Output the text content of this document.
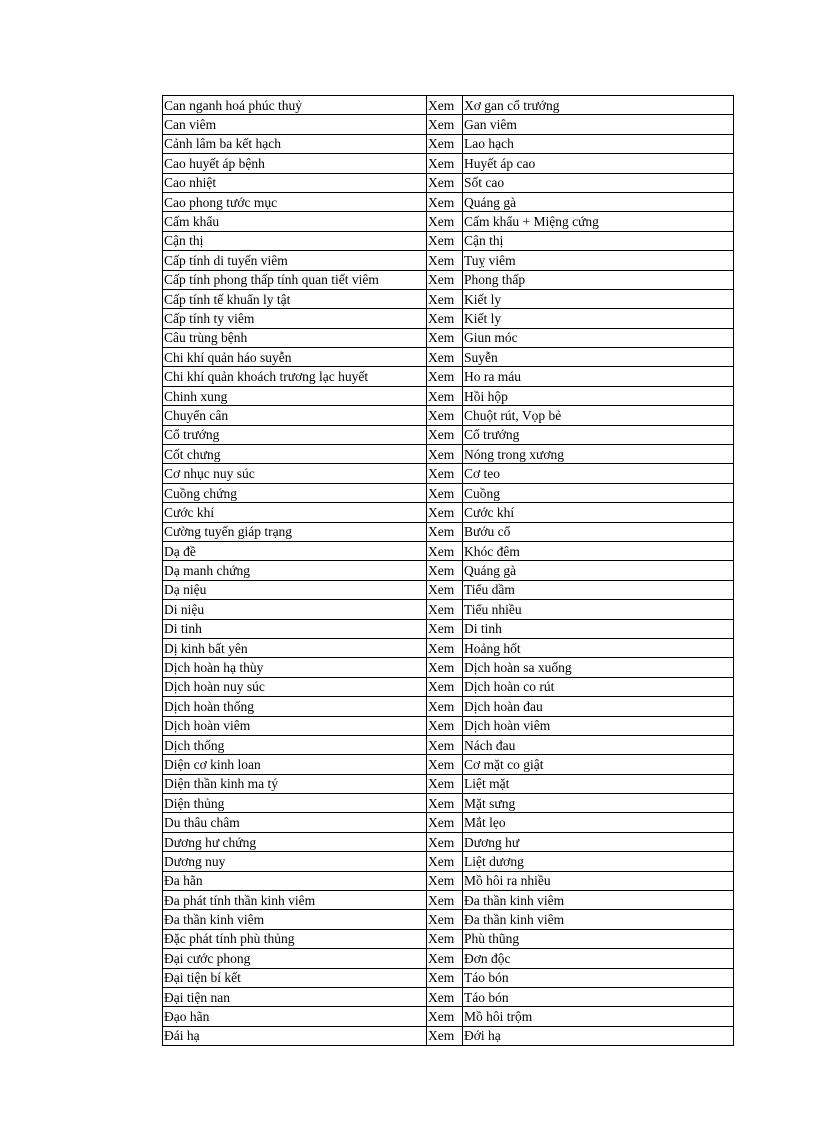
Can nganh hoá phúc thuỷ	Xem	Xơ gan cổ trướng
Can viêm	Xem	Gan viêm
Cảnh lâm ba kết hạch	Xem	Lao hạch
Cao huyết áp bệnh	Xem	Huyết áp cao
Cao nhiệt	Xem	Sốt cao
Cao phong tước mục	Xem	Quáng gà
Cấm khẩu	Xem	Cấm khẩu + Miệng cứng
Cận thị	Xem	Cận thị
Cấp tính di tuyến viêm	Xem	Tuỵ viêm
Cấp tính phong thấp tính quan tiết viêm	Xem	Phong thấp
Cấp tính tế khuẩn ly tật	Xem	Kiết ly
Cấp tính ty viêm	Xem	Kiết ly
Câu trùng bệnh	Xem	Giun móc
Chi khí quản háo suyễn	Xem	Suyễn
Chi khí quản khoách trương lạc huyết	Xem	Ho ra máu
Chinh xung	Xem	Hồi hộp
Chuyển cân	Xem	Chuột rút, Vọp bẻ
Cổ trướng	Xem	Cổ trướng
Cốt chưng	Xem	Nóng trong xương
Cơ nhục nuy súc	Xem	Cơ teo
Cuồng chứng	Xem	Cuồng
Cước khí	Xem	Cước khí
Cường tuyến giáp trạng	Xem	Bướu cổ
Dạ đề	Xem	Khóc đêm
Dạ manh chứng	Xem	Quáng gà
Dạ niệu	Xem	Tiểu dầm
Di niệu	Xem	Tiểu nhiều
Di tinh	Xem	Di tinh
Dị kinh bất yên	Xem	Hoảng hốt
Dịch hoàn hạ thùy	Xem	Dịch hoàn sa xuống
Dịch hoàn nuy súc	Xem	Dịch hoàn co rút
Dịch hoàn thống	Xem	Dịch hoàn đau
Dịch hoàn viêm	Xem	Dịch hoàn viêm
Dịch thống	Xem	Nách đau
Diện cơ kinh loan	Xem	Cơ mặt co giật
Diện thần kinh ma tý	Xem	Liệt mặt
Diện thủng	Xem	Mặt sưng
Du thâu châm	Xem	Mắt lẹo
Dương hư chứng	Xem	Dương hư
Dương nuy	Xem	Liệt dương
Đa hãn	Xem	Mồ hôi ra nhiều
Đa phát tính thần kinh viêm	Xem	Đa thần kinh viêm
Đa thần kinh viêm	Xem	Đa thần kinh viêm
Đặc phát tính phù thủng	Xem	Phù thũng
Đại cước phong	Xem	Đơn độc
Đại tiện bí kết	Xem	Táo bón
Đại tiện nan	Xem	Táo bón
Đạo hãn	Xem	Mồ hôi trộm
Đái hạ	Xem	Đới hạ
